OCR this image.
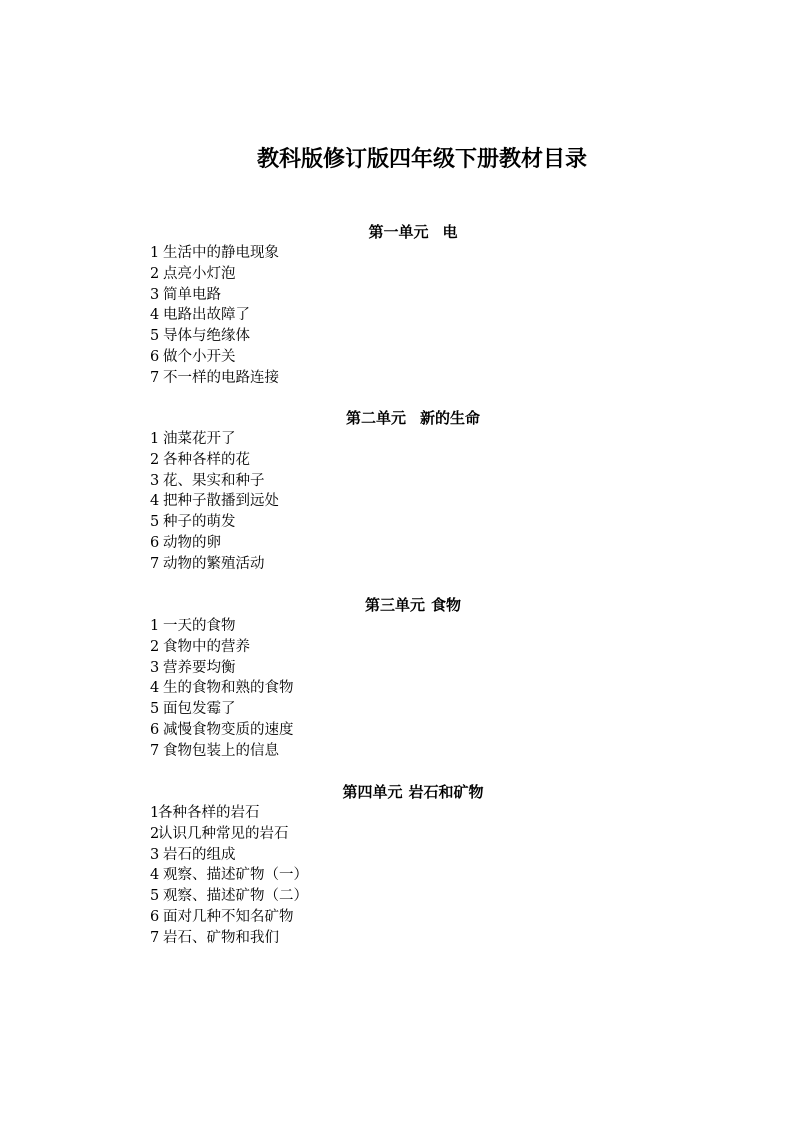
教科版修订版四年级下册教材目录
第一单元 电
1 生活中的静电现象
2 点亮小灯泡
3 简单电路
4 电路出故障了
5 导体与绝缘体
6 做个小开关
7 不一样的电路连接
第二单元 新的生命
1 油菜花开了
2 各种各样的花
3 花、果实和种子
4 把种子散播到远处
5 种子的萌发
6 动物的卵
7 动物的繁殖活动
第三单元 食物
1 一天的食物
2 食物中的营养
3 营养要均衡
4 生的食物和熟的食物
5 面包发霉了
6 减慢食物变质的速度
7 食物包装上的信息
第四单元 岩石和矿物
1各种各样的岩石
2认识几种常见的岩石
3 岩石的组成
4 观察、描述矿物（一）
5 观察、描述矿物（二）
6 面对几种不知名矿物
7 岩石、矿物和我们
